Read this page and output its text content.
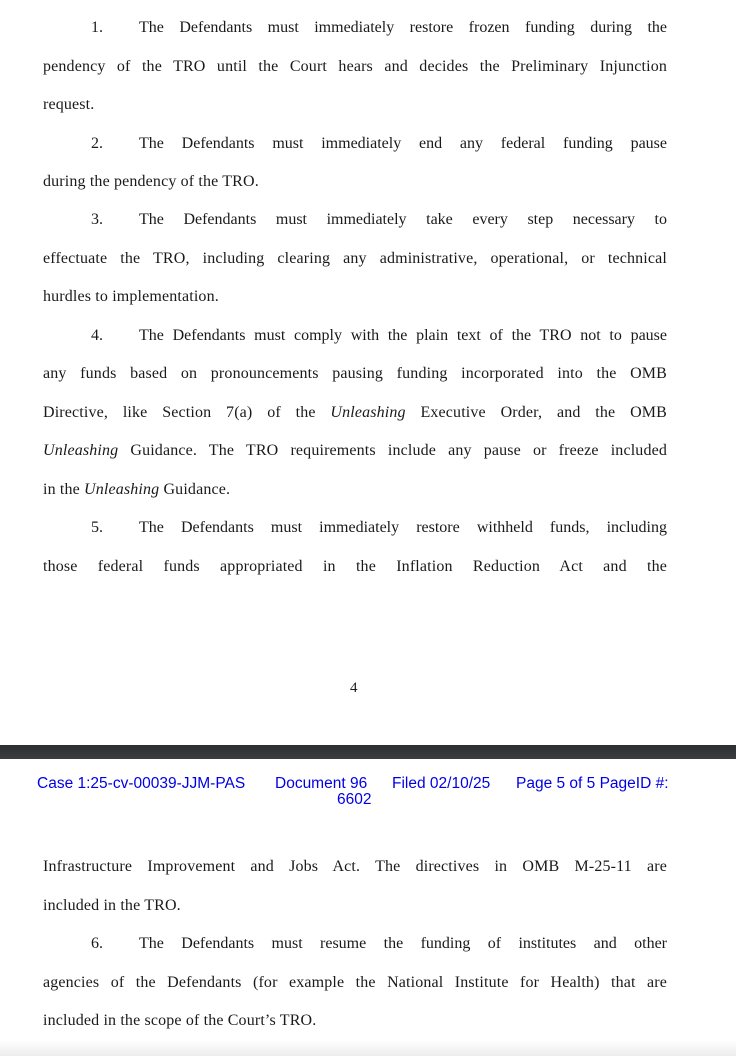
1. The Defendants must immediately restore frozen funding during the
pendency of the TRO until the Court hears and decides the Preliminary Injunction
request.
2. The Defendants must immediately end any federal funding pause
during the pendency of the TRO.
3. The Defendants must immediately take every step necessary to
effectuate the TRO, including clearing any administrative, operational, or technical
hurdles to implementation.
4. The Defendants must comply with the plain text of the TRO not to pause
any funds based on pronouncements pausing funding incorporated into the OMB
Directive, like Section 7(a) of the Unleashing Executive Order, and the OMB
Unleashing Guidance. The TRO requirements include any pause or freeze included
in the Unleashing Guidance.
5. The Defendants must immediately restore withheld funds, including
those federal funds appropriated in the Inflation Reduction Act and the
4
Case 1:25-cv-00039-JJM-PAS Document 96 Filed 02/10/25 Page 5 of 5 PageID #:
6602
Infrastructure Improvement and Jobs Act. The directives in OMB M-25-11 are
included in the TRO.
6. The Defendants must resume the funding of institutes and other
agencies of the Defendants (for example the National Institute for Health) that are
included in the scope of the Court’s TRO.
